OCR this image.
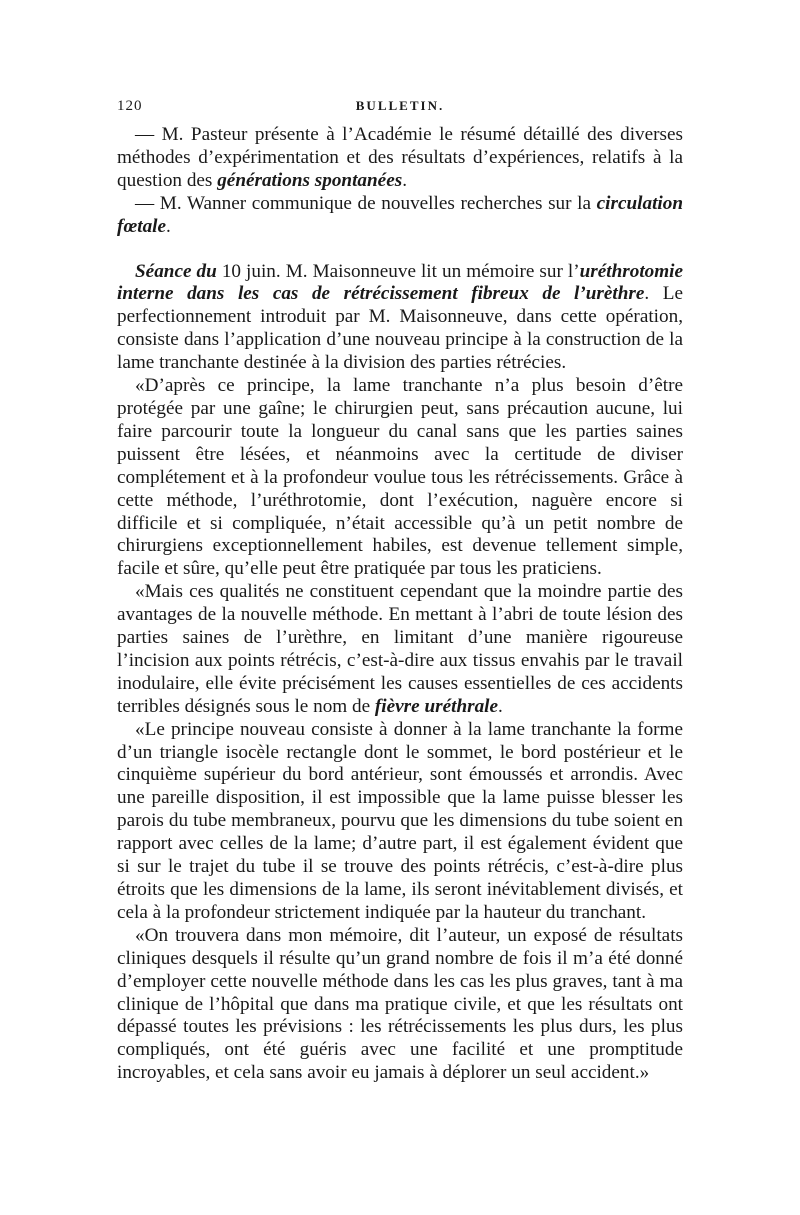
120	BULLETIN.

— M. Pasteur présente à l’Académie le résumé détaillé des diverses méthodes d’expérimentation et des résultats d’expériences, relatifs à la question des générations spontanées.

— M. Wanner communique de nouvelles recherches sur la circulation fœtale.

Séance du 10 juin. M. Maisonneuve lit un mémoire sur l’uréthrotomie interne dans les cas de rétrécissement fibreux de l’urèthre. Le perfectionnement introduit par M. Maisonneuve, dans cette opération, consiste dans l’application d’une nouveau principe à la construction de la lame tranchante destinée à la division des parties rétrécies.

«D’après ce principe, la lame tranchante n’a plus besoin d’être protégée par une gaîne; le chirurgien peut, sans précaution aucune, lui faire parcourir toute la longueur du canal sans que les parties saines puissent être lésées, et néanmoins avec la certitude de diviser complétement et à la profondeur voulue tous les rétrécissements. Grâce à cette méthode, l’uréthrotomie, dont l’exécution, naguère encore si difficile et si compliquée, n’était accessible qu’à un petit nombre de chirurgiens exceptionnellement habiles, est devenue tellement simple, facile et sûre, qu’elle peut être pratiquée par tous les praticiens.

«Mais ces qualités ne constituent cependant que la moindre partie des avantages de la nouvelle méthode. En mettant à l’abri de toute lésion des parties saines de l’urèthre, en limitant d’une manière rigoureuse l’incision aux points rétrécis, c’est-à-dire aux tissus envahis par le travail inodulaire, elle évite précisément les causes essentielles de ces accidents terribles désignés sous le nom de fièvre uréthrale.

«Le principe nouveau consiste à donner à la lame tranchante la forme d’un triangle isocèle rectangle dont le sommet, le bord postérieur et le cinquième supérieur du bord antérieur, sont émoussés et arrondis. Avec une pareille disposition, il est impossible que la lame puisse blesser les parois du tube membraneux, pourvu que les dimensions du tube soient en rapport avec celles de la lame; d’autre part, il est également évident que si sur le trajet du tube il se trouve des points rétrécis, c’est-à-dire plus étroits que les dimensions de la lame, ils seront inévitablement divisés, et cela à la profondeur strictement indiquée par la hauteur du tranchant.

«On trouvera dans mon mémoire, dit l’auteur, un exposé de résultats cliniques desquels il résulte qu’un grand nombre de fois il m’a été donné d’employer cette nouvelle méthode dans les cas les plus graves, tant à ma clinique de l’hôpital que dans ma pratique civile, et que les résultats ont dépassé toutes les prévisions : les rétrécissements les plus durs, les plus compliqués, ont été guéris avec une facilité et une promptitude incroyables, et cela sans avoir eu jamais à déplorer un seul accident.»
